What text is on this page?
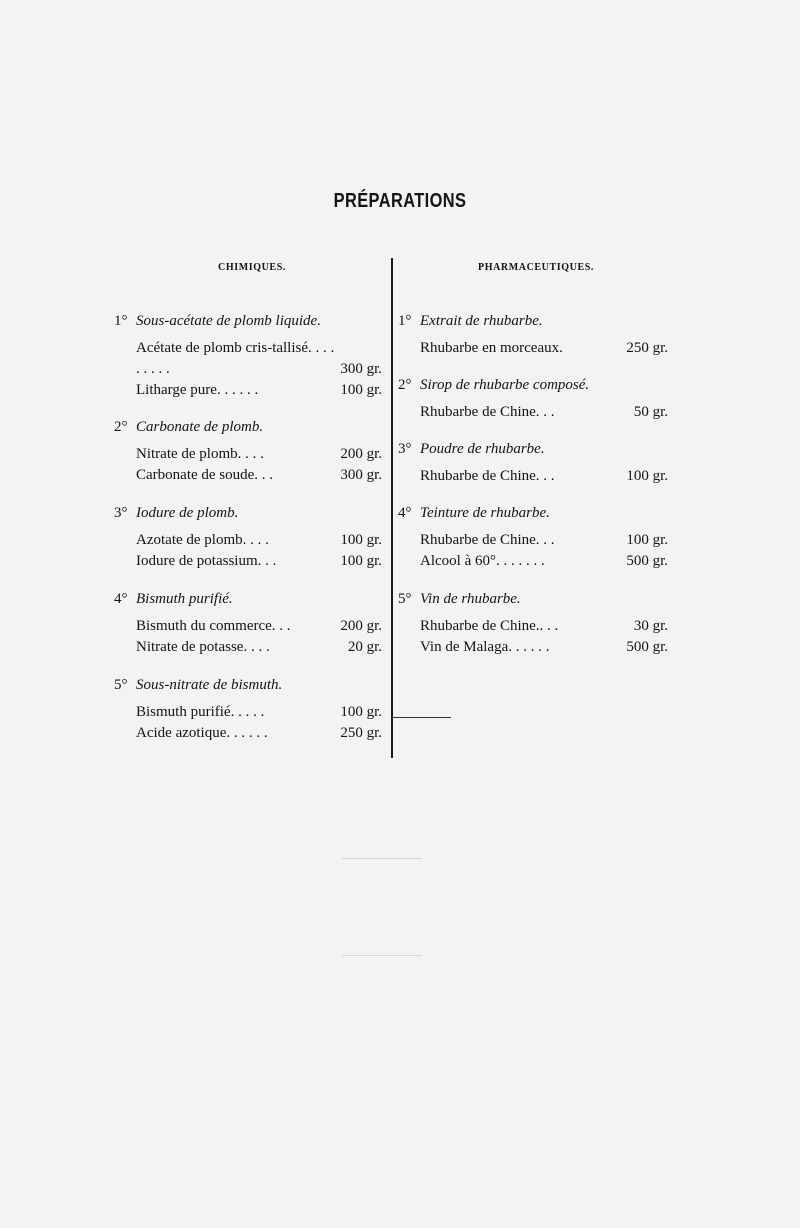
PRÉPARATIONS
CHIMIQUES.	PHARMACEUTIQUES.
1° Sous-acétate de plomb liquide.
Acétate de plomb cris-tallisé. . . . . . . . .	300 gr.
Litharge pure. . . . . .	100 gr.
2° Carbonate de plomb.
Nitrate de plomb. . . .	200 gr.
Carbonate de soude. . .	300 gr.
3° Iodure de plomb.
Azotate de plomb. . . .	100 gr.
Iodure de potassium. . .	100 gr.
4° Bismuth purifié.
Bismuth du commerce. . .	200 gr.
Nitrate de potasse. . . .	20 gr.
5° Sous-nitrate de bismuth.
Bismuth purifié. . . . .	100 gr.
Acide azotique. . . . . .	250 gr.
1° Extrait de rhubarbe.
Rhubarbe en morceaux.	250 gr.
2° Sirop de rhubarbe composé.
Rhubarbe de Chine. . .	50 gr.
3° Poudre de rhubarbe.
Rhubarbe de Chine. . .	100 gr.
4° Teinture de rhubarbe.
Rhubarbe de Chine. . .	100 gr.
Alcool à 60°. . . . . . .	500 gr.
5° Vin de rhubarbe.
Rhubarbe de Chine.. . .	30 gr.
Vin de Malaga. . . . . .	500 gr.
